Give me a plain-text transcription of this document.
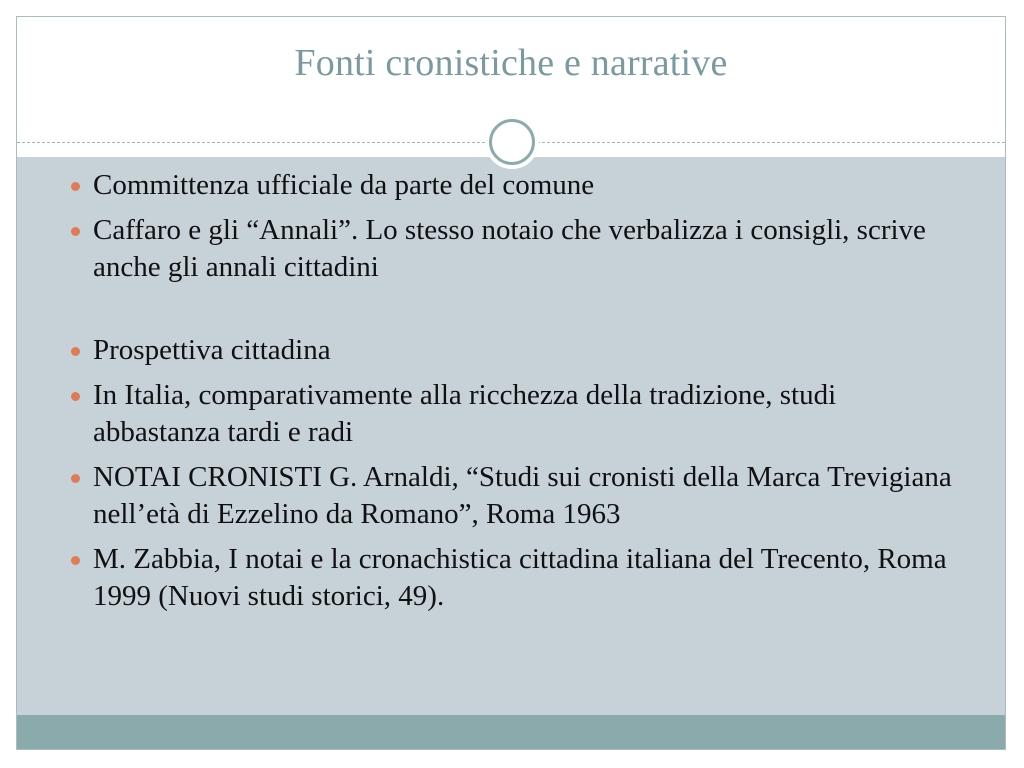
Fonti cronistiche e narrative
Committenza ufficiale da parte del comune
Caffaro e gli “Annali”. Lo stesso notaio che verbalizza i consigli, scrive anche gli annali cittadini
Prospettiva cittadina
In Italia, comparativamente alla ricchezza della tradizione, studi abbastanza tardi e radi
NOTAI CRONISTI G. Arnaldi, “Studi sui cronisti della Marca Trevigiana nell’età di Ezzelino da Romano”, Roma 1963
M. Zabbia, I notai e la cronachistica cittadina italiana del Trecento, Roma 1999 (Nuovi studi storici, 49).
